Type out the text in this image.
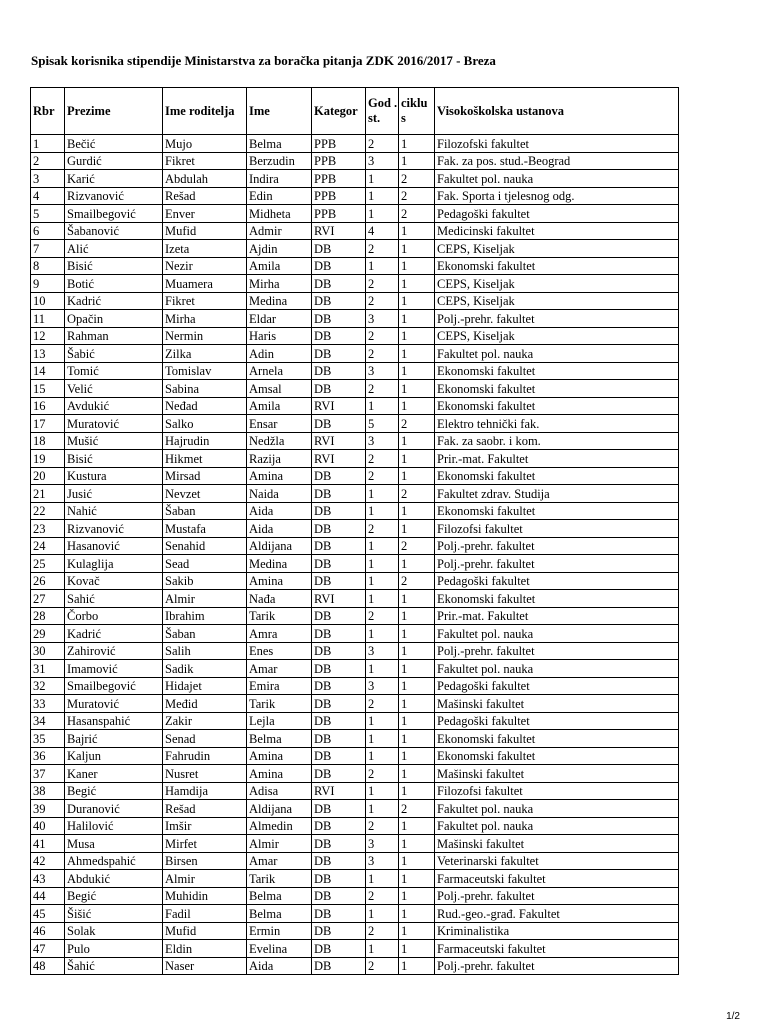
Spisak korisnika stipendije Ministarstva za boračka pitanja ZDK 2016/2017 - Breza
Rbr	Prezime	Ime roditelja	Ime	Kategor	God . st.	ciklu s	Visokoškolska ustanova
1	Bečić	Mujo	Belma	PPB	2	1	Filozofski fakultet
2	Gurdić	Fikret	Berzudin	PPB	3	1	Fak. za pos. stud.-Beograd
3	Karić	Abdulah	Indira	PPB	1	2	Fakultet pol. nauka
4	Rizvanović	Rešad	Edin	PPB	1	2	Fak. Sporta i tjelesnog odg.
5	Smailbegović	Enver	Midheta	PPB	1	2	Pedagoški fakultet
6	Šabanović	Mufid	Admir	RVI	4	1	Medicinski fakultet
7	Alić	Izeta	Ajdin	DB	2	1	CEPS, Kiseljak
8	Bisić	Nezir	Amila	DB	1	1	Ekonomski fakultet
9	Botić	Muamera	Mirha	DB	2	1	CEPS, Kiseljak
10	Kadrić	Fikret	Medina	DB	2	1	CEPS, Kiseljak
11	Opačin	Mirha	Eldar	DB	3	1	Polj.-prehr. fakultet
12	Rahman	Nermin	Haris	DB	2	1	CEPS, Kiseljak
13	Šabić	Zilka	Adin	DB	2	1	Fakultet pol. nauka
14	Tomić	Tomislav	Arnela	DB	3	1	Ekonomski fakultet
15	Velić	Sabina	Amsal	DB	2	1	Ekonomski fakultet
16	Avdukić	Neđad	Amila	RVI	1	1	Ekonomski fakultet
17	Muratović	Salko	Ensar	DB	5	2	Elektro tehnički fak.
18	Mušić	Hajrudin	Nedžla	RVI	3	1	Fak. za saobr. i kom.
19	Bisić	Hikmet	Razija	RVI	2	1	Prir.-mat. Fakultet
20	Kustura	Mirsad	Amina	DB	2	1	Ekonomski fakultet
21	Jusić	Nevzet	Naida	DB	1	2	Fakultet zdrav. Studija
22	Nahić	Šaban	Aida	DB	1	1	Ekonomski fakultet
23	Rizvanović	Mustafa	Aida	DB	2	1	Filozofsi fakultet
24	Hasanović	Senahid	Aldijana	DB	1	2	Polj.-prehr. fakultet
25	Kulaglija	Sead	Medina	DB	1	1	Polj.-prehr. fakultet
26	Kovač	Sakib	Amina	DB	1	2	Pedagoški fakultet
27	Sahić	Almir	Nađa	RVI	1	1	Ekonomski fakultet
28	Čorbo	Ibrahim	Tarik	DB	2	1	Prir.-mat. Fakultet
29	Kadrić	Šaban	Amra	DB	1	1	Fakultet pol. nauka
30	Zahirović	Salih	Enes	DB	3	1	Polj.-prehr. fakultet
31	Imamović	Sadik	Amar	DB	1	1	Fakultet pol. nauka
32	Smailbegović	Hidajet	Emira	DB	3	1	Pedagoški fakultet
33	Muratović	Međid	Tarik	DB	2	1	Mašinski fakultet
34	Hasanspahić	Zakir	Lejla	DB	1	1	Pedagoški fakultet
35	Bajrić	Senad	Belma	DB	1	1	Ekonomski fakultet
36	Kaljun	Fahrudin	Amina	DB	1	1	Ekonomski fakultet
37	Kaner	Nusret	Amina	DB	2	1	Mašinski fakultet
38	Begić	Hamdija	Adisa	RVI	1	1	Filozofsi fakultet
39	Duranović	Rešad	Aldijana	DB	1	2	Fakultet pol. nauka
40	Halilović	Imšir	Almedin	DB	2	1	Fakultet pol. nauka
41	Musa	Mirfet	Almir	DB	3	1	Mašinski fakultet
42	Ahmedspahić	Birsen	Amar	DB	3	1	Veterinarski fakultet
43	Abdukić	Almir	Tarik	DB	1	1	Farmaceutski fakultet
44	Begić	Muhidin	Belma	DB	2	1	Polj.-prehr. fakultet
45	Šišić	Fadil	Belma	DB	1	1	Rud.-geo.-građ. Fakultet
46	Solak	Mufid	Ermin	DB	2	1	Kriminalistika
47	Pulo	Eldin	Evelina	DB	1	1	Farmaceutski fakultet
48	Šahić	Naser	Aida	DB	2	1	Polj.-prehr. fakultet
1/2
